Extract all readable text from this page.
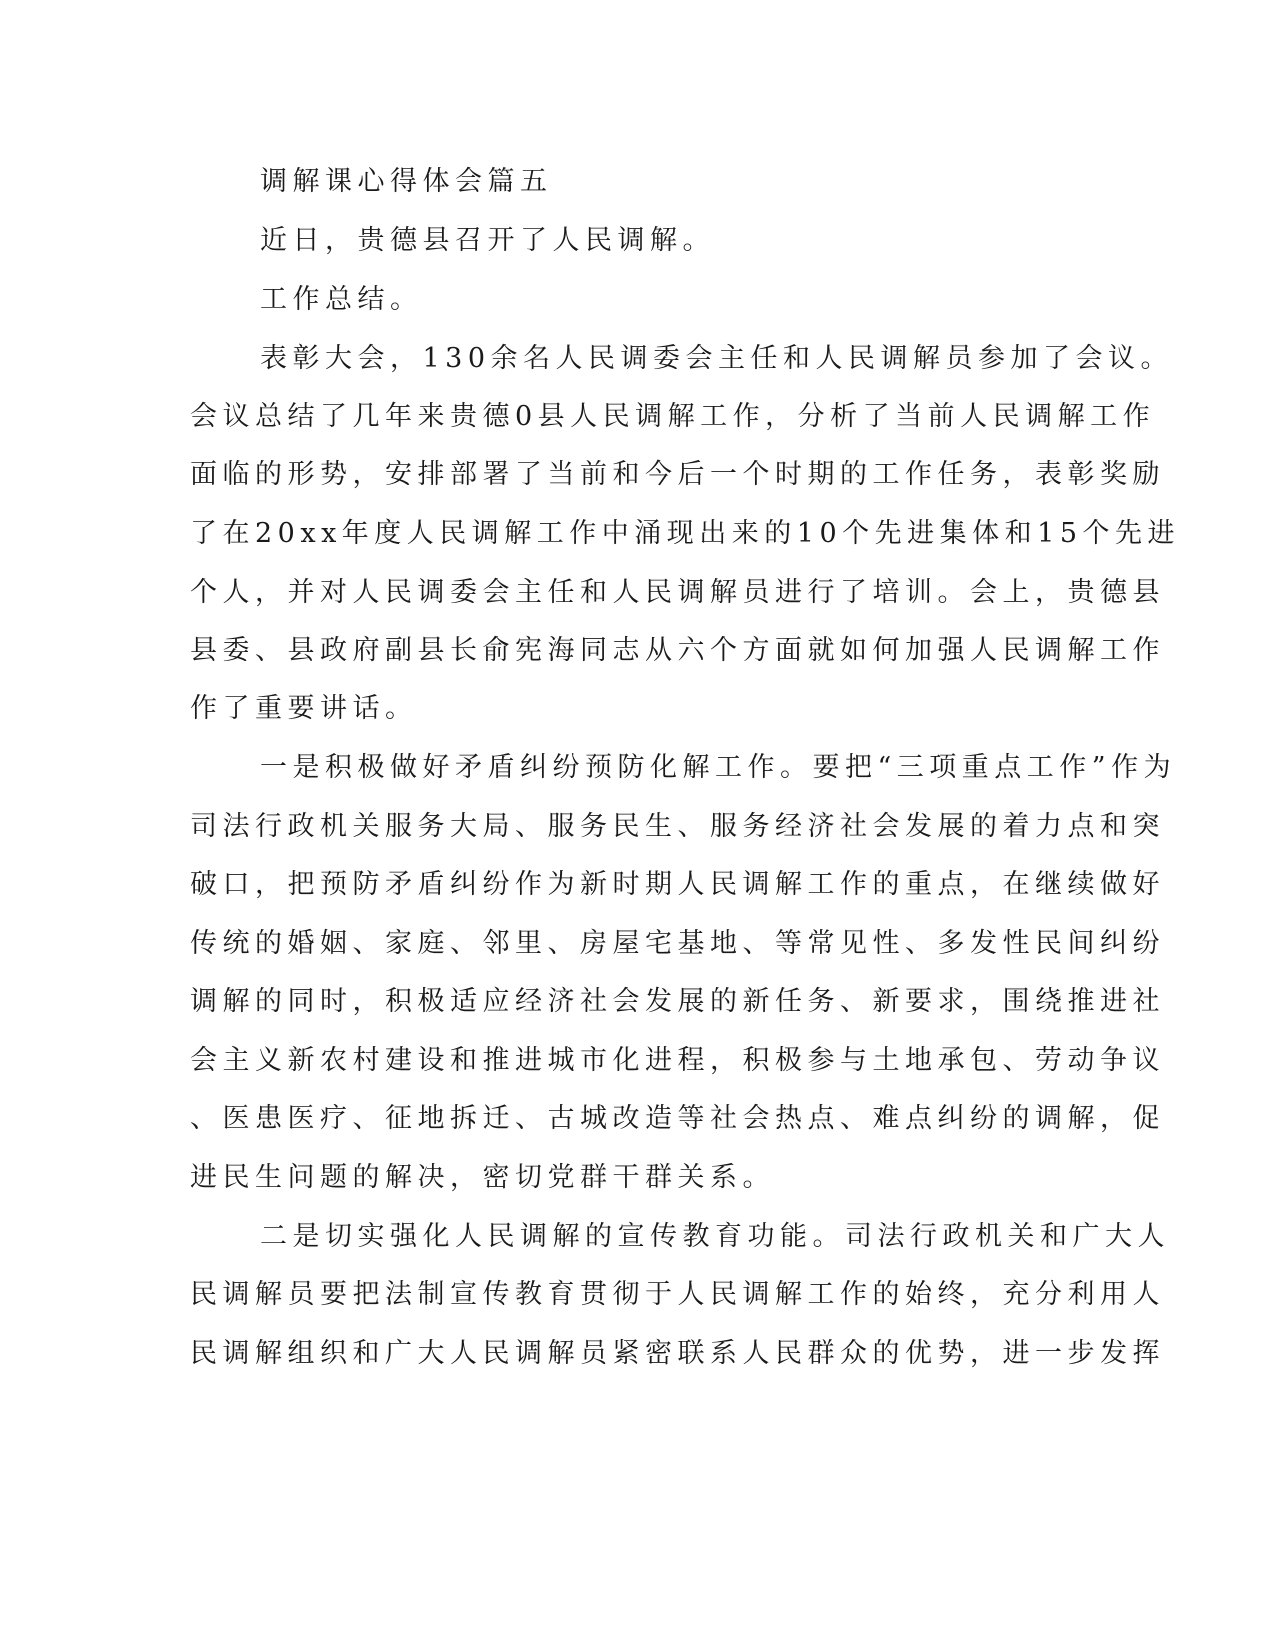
调解课心得体会篇五
近日，贵德县召开了人民调解。
工作总结。
表彰大会，130余名人民调委会主任和人民调解员参加了会议。
会议总结了几年来贵德0县人民调解工作，分析了当前人民调解工作
面临的形势，安排部署了当前和今后一个时期的工作任务，表彰奖励
了在20xx年度人民调解工作中涌现出来的10个先进集体和15个先进
个人，并对人民调委会主任和人民调解员进行了培训。会上，贵德县
县委、县政府副县长俞宪海同志从六个方面就如何加强人民调解工作
作了重要讲话。
一是积极做好矛盾纠纷预防化解工作。要把“三项重点工作”作为
司法行政机关服务大局、服务民生、服务经济社会发展的着力点和突
破口，把预防矛盾纠纷作为新时期人民调解工作的重点，在继续做好
传统的婚姻、家庭、邻里、房屋宅基地、等常见性、多发性民间纠纷
调解的同时，积极适应经济社会发展的新任务、新要求，围绕推进社
会主义新农村建设和推进城市化进程，积极参与土地承包、劳动争议
、医患医疗、征地拆迁、古城改造等社会热点、难点纠纷的调解，促
进民生问题的解决，密切党群干群关系。
二是切实强化人民调解的宣传教育功能。司法行政机关和广大人
民调解员要把法制宣传教育贯彻于人民调解工作的始终，充分利用人
民调解组织和广大人民调解员紧密联系人民群众的优势，进一步发挥
